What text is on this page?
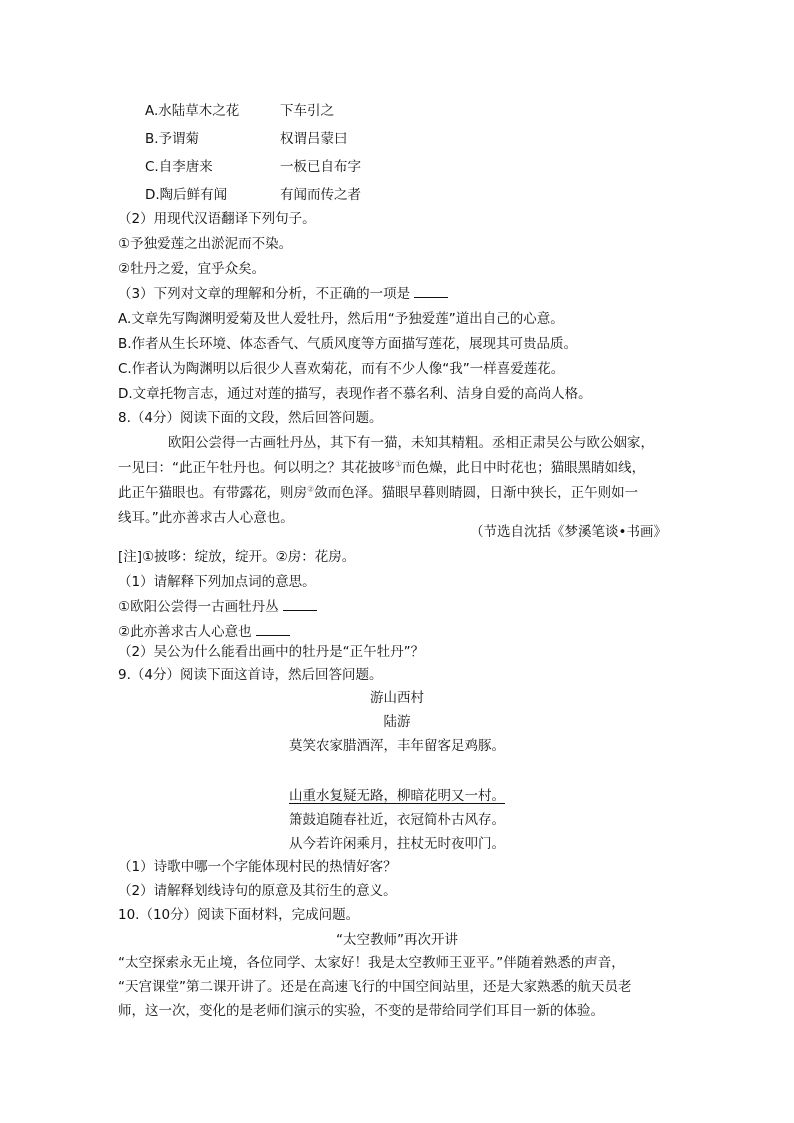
A.水陆草木之花	下车引之
B.予谓菊	权谓吕蒙曰
C.自李唐来	一板已自布字
D.陶后鲜有闻	有闻而传之者
（2）用现代汉语翻译下列句子。
①予独爱莲之出淤泥而不染。
②牡丹之爱，宜乎众矣。
（3）下列对文章的理解和分析，不正确的一项是
A.文章先写陶渊明爱菊及世人爱牡丹，然后用“予独爱莲”道出自己的心意。
B.作者从生长环境、体态香气、气质风度等方面描写莲花，展现其可贵品质。
C.作者认为陶渊明以后很少人喜欢菊花，而有不少人像“我”一样喜爱莲花。
D.文章托物言志，通过对莲的描写，表现作者不慕名利、洁身自爱的高尚人格。
8.（4分）阅读下面的文段，然后回答问题。
欧阳公尝得一古画牡丹丛，其下有一猫，未知其精粗。丞相正肃吴公与欧公姻家，
一见曰：“此正午牡丹也。何以明之？其花披哆①而色燥，此日中时花也；猫眼黑睛如线，
此正午猫眼也。有带露花，则房②敛而色泽。猫眼早暮则睛圆，日渐中狭长，正午则如一
线耳。”此亦善求古人心意也。
（节选自沈括《梦溪笔谈•书画》
[注]①披哆：绽放，绽开。②房：花房。
（1）请解释下列加点词的意思。
①欧阳公尝得一古画牡丹丛
②此亦善求古人心意也
（2）吴公为什么能看出画中的牡丹是“正午牡丹”？
9.（4分）阅读下面这首诗，然后回答问题。
游山西村
陆游
莫笑农家腊酒浑，丰年留客足鸡豚。
山重水复疑无路，柳暗花明又一村。
箫鼓追随春社近，衣冠简朴古风存。
从今若许闲乘月，拄杖无时夜叩门。
（1）诗歌中哪一个字能体现村民的热情好客？
（2）请解释划线诗句的原意及其衍生的意义。
10.（10分）阅读下面材料，完成问题。
“太空教师”再次开讲
“太空探索永无止境，各位同学、太家好！我是太空教师王亚平。”伴随着熟悉的声音，
“天宫课堂”第二课开讲了。还是在高速飞行的中国空间站里，还是大家熟悉的航天员老
师，这一次，变化的是老师们演示的实验，不变的是带给同学们耳目一新的体验。
